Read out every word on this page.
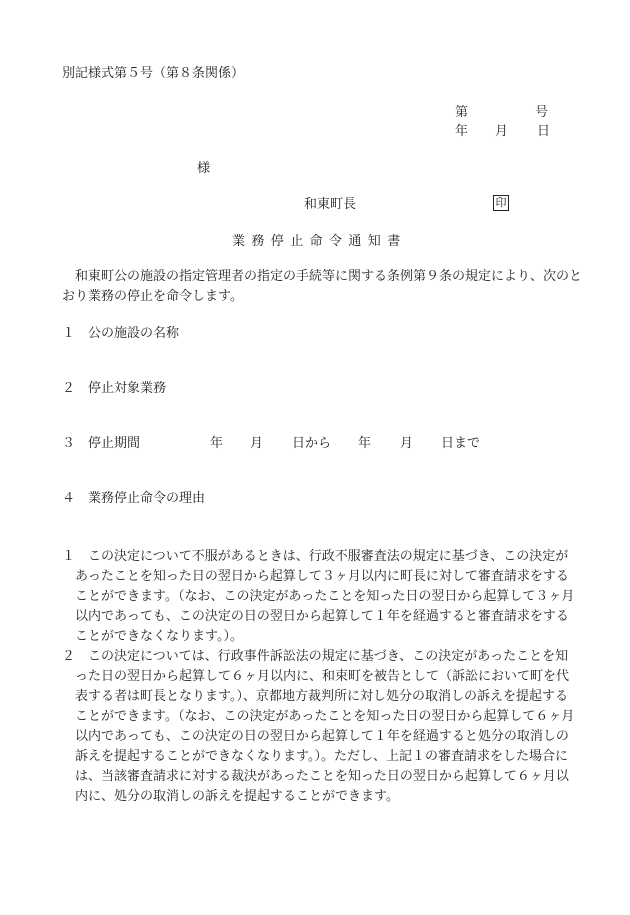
別記様式第５号（第８条関係）
第	号
年 月 日
様
和東町長	印
業務停止命令通知書
和東町公の施設の指定管理者の指定の手続等に関する条例第９条の規定により、次のとおり業務の停止を命令します。
１ 公の施設の名称
２ 停止対象業務
３ 停止期間	年 月 日から 年 月 日まで
４ 業務停止命令の理由
１ この決定について不服があるときは、行政不服審査法の規定に基づき、この決定があったことを知った日の翌日から起算して３ヶ月以内に町長に対して審査請求をすることができます。（なお、この決定があったことを知った日の翌日から起算して３ヶ月以内であっても、この決定の日の翌日から起算して１年を経過すると審査請求をすることができなくなります。）。
２ この決定については、行政事件訴訟法の規定に基づき、この決定があったことを知った日の翌日から起算して６ヶ月以内に、和束町を被告として（訴訟において町を代表する者は町長となります。）、京都地方裁判所に対し処分の取消しの訴えを提起することができます。（なお、この決定があったことを知った日の翌日から起算して６ヶ月以内であっても、この決定の日の翌日から起算して１年を経過すると処分の取消しの訴えを提起することができなくなります。）。ただし、上記１の審査請求をした場合には、当該審査請求に対する裁決があったことを知った日の翌日から起算して６ヶ月以内に、処分の取消しの訴えを提起することができます。
